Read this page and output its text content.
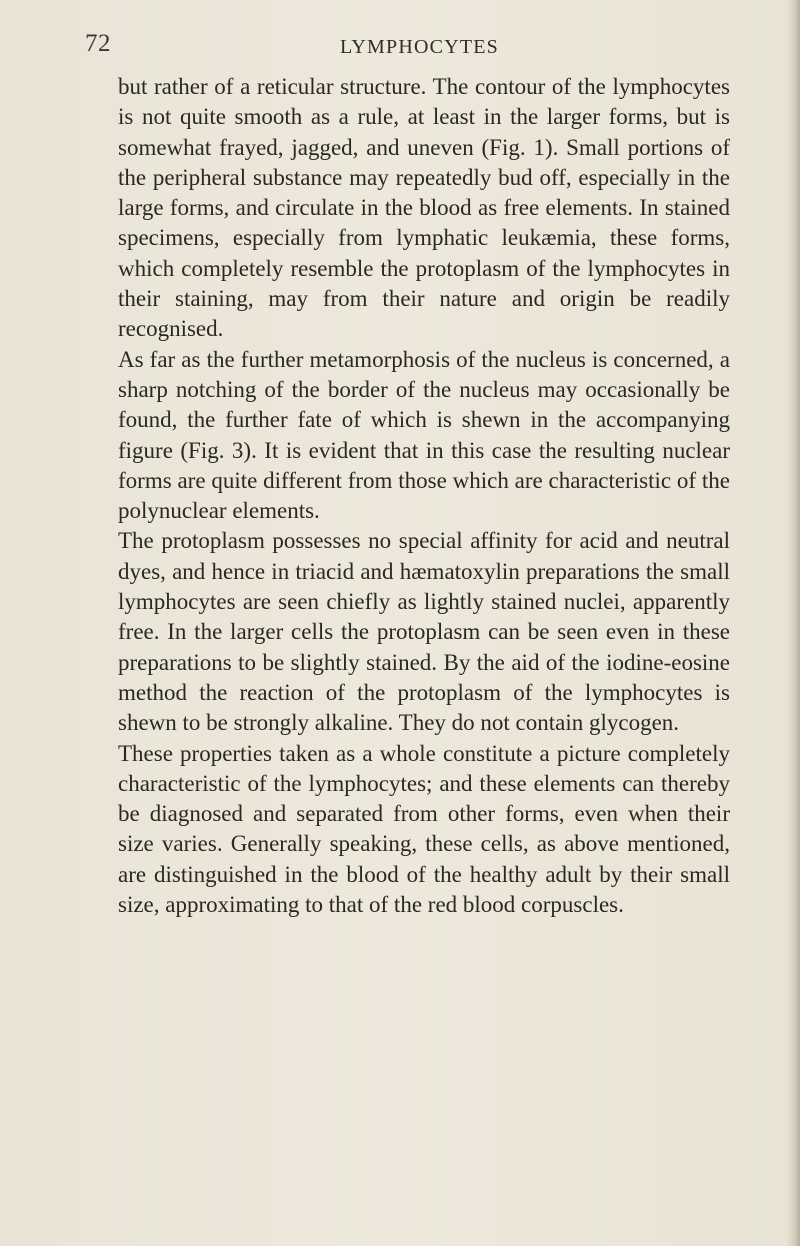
72	LYMPHOCYTES

but rather of a reticular structure. The contour of the lymphocytes is not quite smooth as a rule, at least in the larger forms, but is somewhat frayed, jagged, and uneven (Fig. 1). Small portions of the peripheral substance may repeatedly bud off, especially in the large forms, and circulate in the blood as free elements. In stained specimens, especially from lymphatic leukæmia, these forms, which completely resemble the protoplasm of the lymphocytes in their staining, may from their nature and origin be readily recognised.

As far as the further metamorphosis of the nucleus is concerned, a sharp notching of the border of the nucleus may occasionally be found, the further fate of which is shewn in the accompanying figure (Fig. 3). It is evident that in this case the resulting nuclear forms are quite different from those which are characteristic of the polynuclear elements.

The protoplasm possesses no special affinity for acid and neutral dyes, and hence in triacid and hæmatoxylin preparations the small lymphocytes are seen chiefly as lightly stained nuclei, apparently free. In the larger cells the protoplasm can be seen even in these preparations to be slightly stained. By the aid of the iodine-eosine method the reaction of the protoplasm of the lymphocytes is shewn to be strongly alkaline. They do not contain glycogen.

These properties taken as a whole constitute a picture completely characteristic of the lymphocytes; and these elements can thereby be diagnosed and separated from other forms, even when their size varies. Generally speaking, these cells, as above mentioned, are distinguished in the blood of the healthy adult by their small size, approximating to that of the red blood corpuscles.
